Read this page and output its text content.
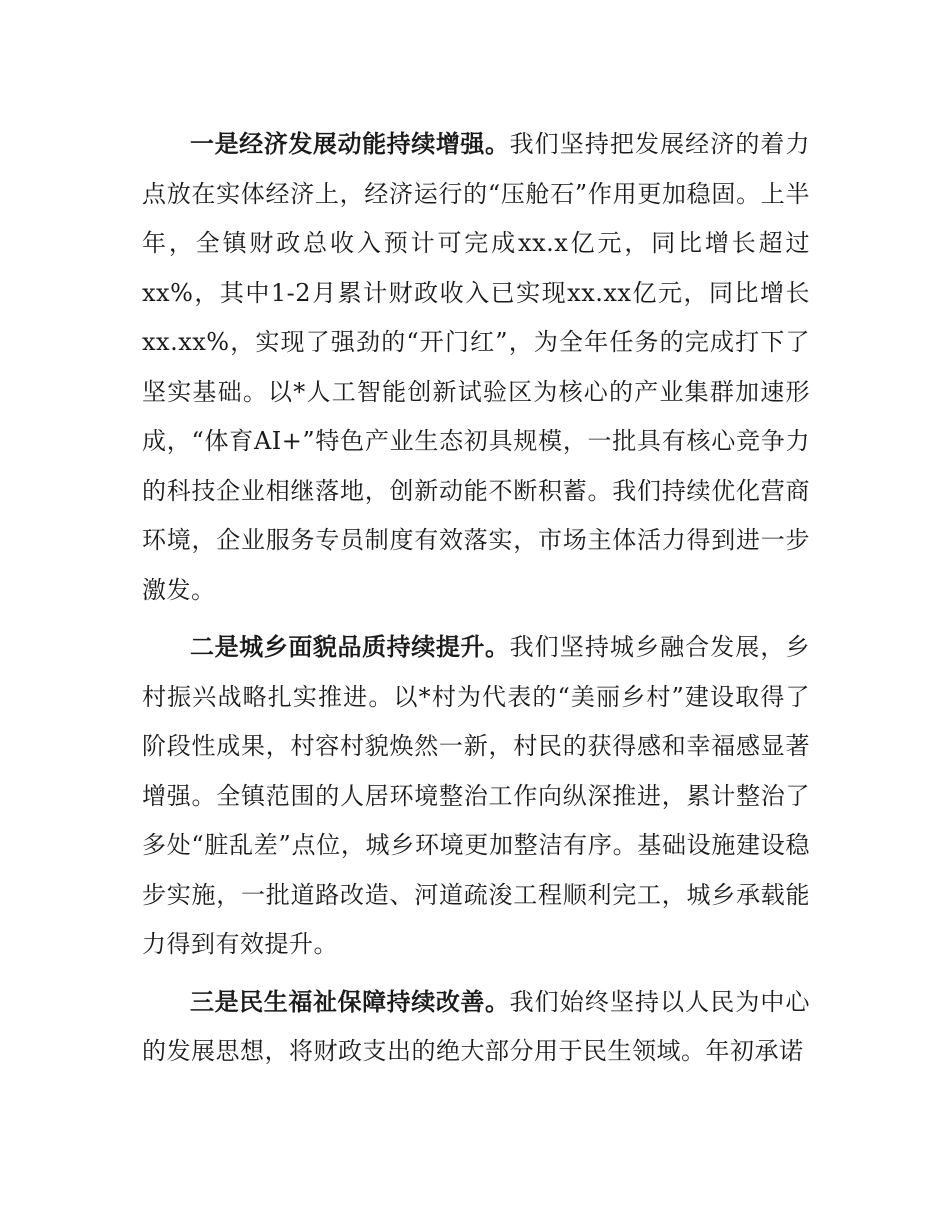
一是经济发展动能持续增强。我们坚持把发展经济的着力点放在实体经济上，经济运行的“压舱石”作用更加稳固。上半年，全镇财政总收入预计可完成xx.x亿元，同比增长超过xx%，其中1-2月累计财政收入已实现xx.xx亿元，同比增长xx.xx%，实现了强劲的“开门红”，为全年任务的完成打下了坚实基础。以*人工智能创新试验区为核心的产业集群加速形成，“体育AI+”特色产业生态初具规模，一批具有核心竞争力的科技企业相继落地，创新动能不断积蓄。我们持续优化营商环境，企业服务专员制度有效落实，市场主体活力得到进一步激发。

二是城乡面貌品质持续提升。我们坚持城乡融合发展，乡村振兴战略扎实推进。以*村为代表的“美丽乡村”建设取得了阶段性成果，村容村貌焕然一新，村民的获得感和幸福感显著增强。全镇范围的人居环境整治工作向纵深推进，累计整治了多处“脏乱差”点位，城乡环境更加整洁有序。基础设施建设稳步实施，一批道路改造、河道疏浚工程顺利完工，城乡承载能力得到有效提升。

三是民生福祉保障持续改善。我们始终坚持以人民为中心的发展思想，将财政支出的绝大部分用于民生领域。年初承诺
